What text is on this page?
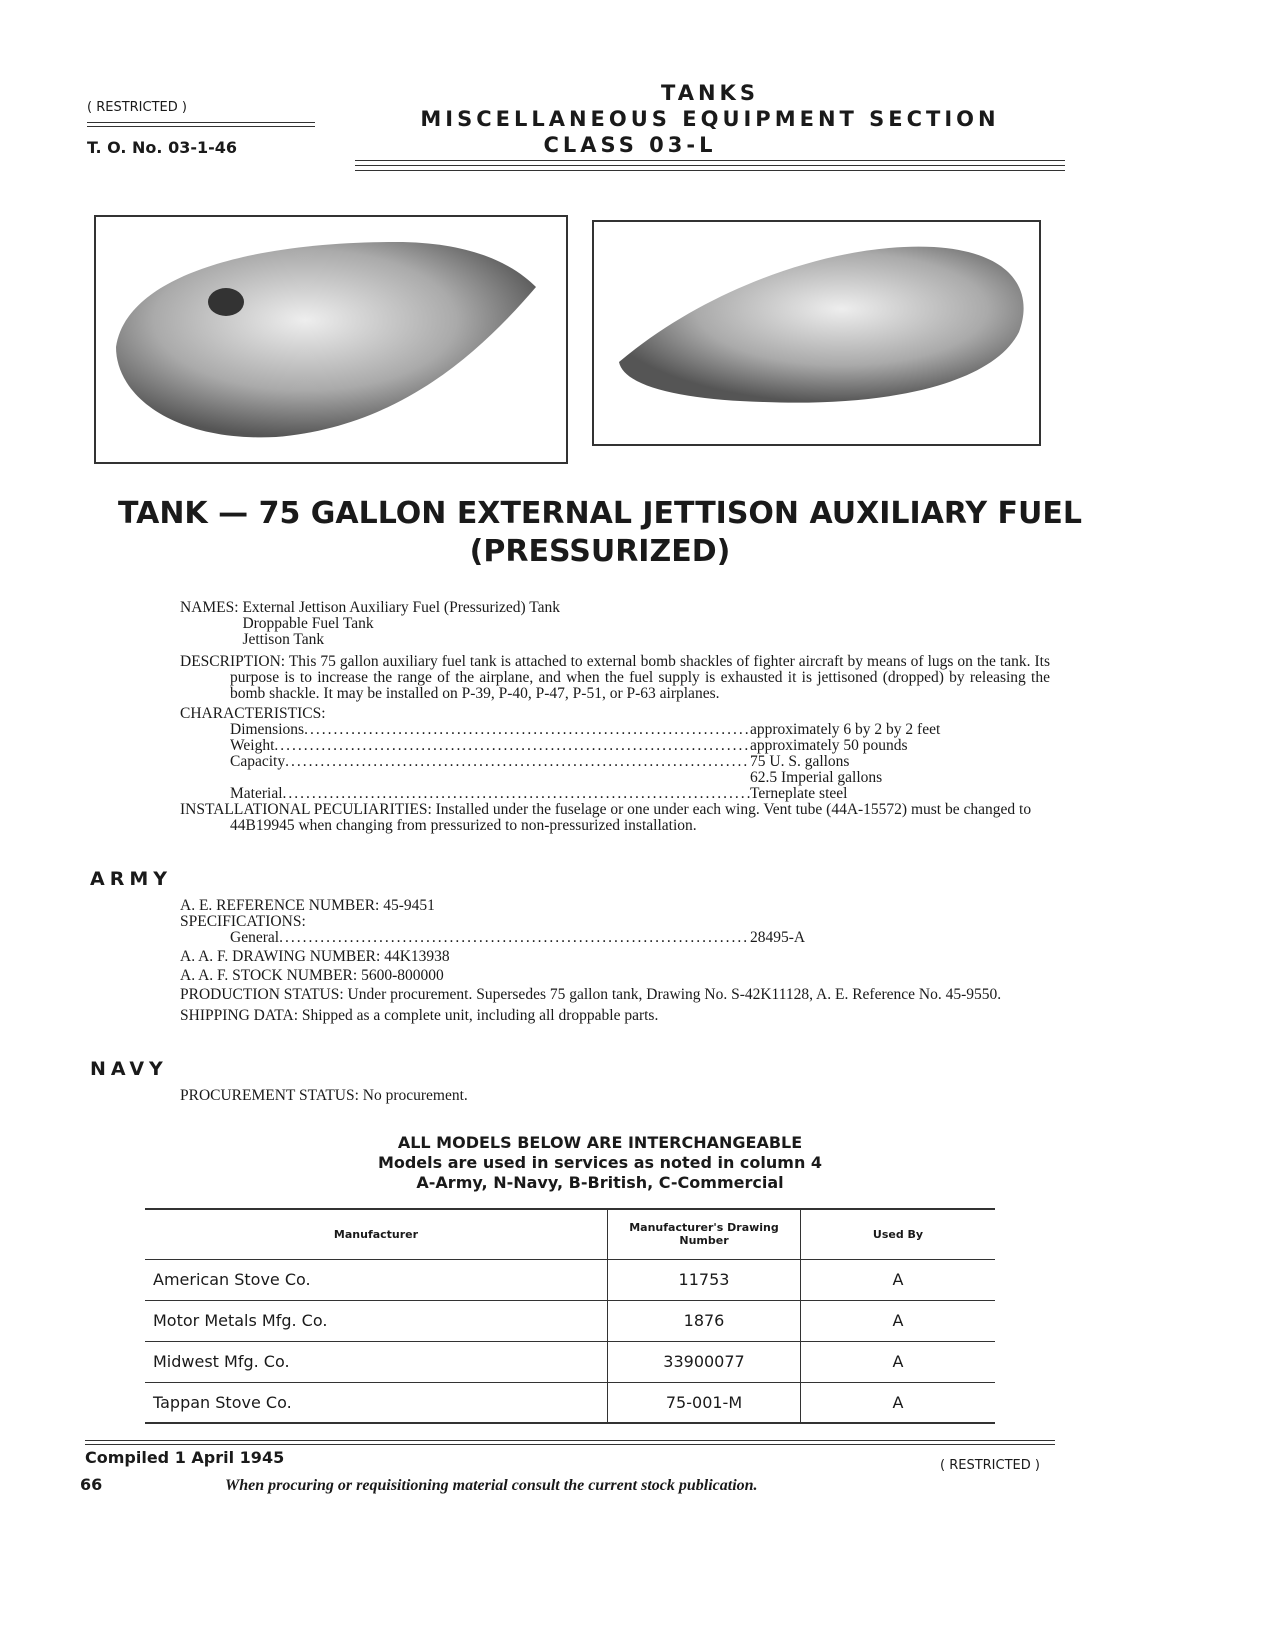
( RESTRICTED )
T. O. No. 03-1-46
TANKS
MISCELLANEOUS EQUIPMENT SECTION
CLASS 03-L
TANK — 75 GALLON EXTERNAL JETTISON AUXILIARY FUEL
(PRESSURIZED)
NAMES:
External Jettison Auxiliary Fuel (Pressurized) Tank
Droppable Fuel Tank
Jettison Tank
DESCRIPTION: This 75 gallon auxiliary fuel tank is attached to external bomb shackles of fighter aircraft by means of lugs on the tank. Its purpose is to increase the range of the airplane, and when the fuel supply is exhausted it is jettisoned (dropped) by releasing the bomb shackle. It may be installed on P-39, P-40, P-47, P-51, or P-63 airplanes.
CHARACTERISTICS:
Dimensions .....	approximately 6 by 2 by 2 feet
Weight .....	approximately 50 pounds
Capacity .....	75 U. S. gallons
62.5 Imperial gallons
Material .....	Terneplate steel
INSTALLATIONAL PECULIARITIES: Installed under the fuselage or one under each wing. Vent tube (44A-15572) must be changed to 44B19945 when changing from pressurized to non-pressurized installation.
ARMY
A. E. REFERENCE NUMBER: 45-9451
SPECIFICATIONS:
General .....	28495-A
A. A. F. DRAWING NUMBER: 44K13938
A. A. F. STOCK NUMBER: 5600-800000
PRODUCTION STATUS: Under procurement. Supersedes 75 gallon tank, Drawing No. S-42K11128, A. E. Reference No. 45-9550.
SHIPPING DATA: Shipped as a complete unit, including all droppable parts.
NAVY
PROCUREMENT STATUS: No procurement.
ALL MODELS BELOW ARE INTERCHANGEABLE
Models are used in services as noted in column 4
A-Army, N-Navy, B-British, C-Commercial
Manufacturer	Manufacturer's Drawing Number	Used By
American Stove Co.	11753	A
Motor Metals Mfg. Co.	1876	A
Midwest Mfg. Co.	33900077	A
Tappan Stove Co.	75-001-M	A
Compiled 1 April 1945	( RESTRICTED )
66	When procuring or requisitioning material consult the current stock publication.
